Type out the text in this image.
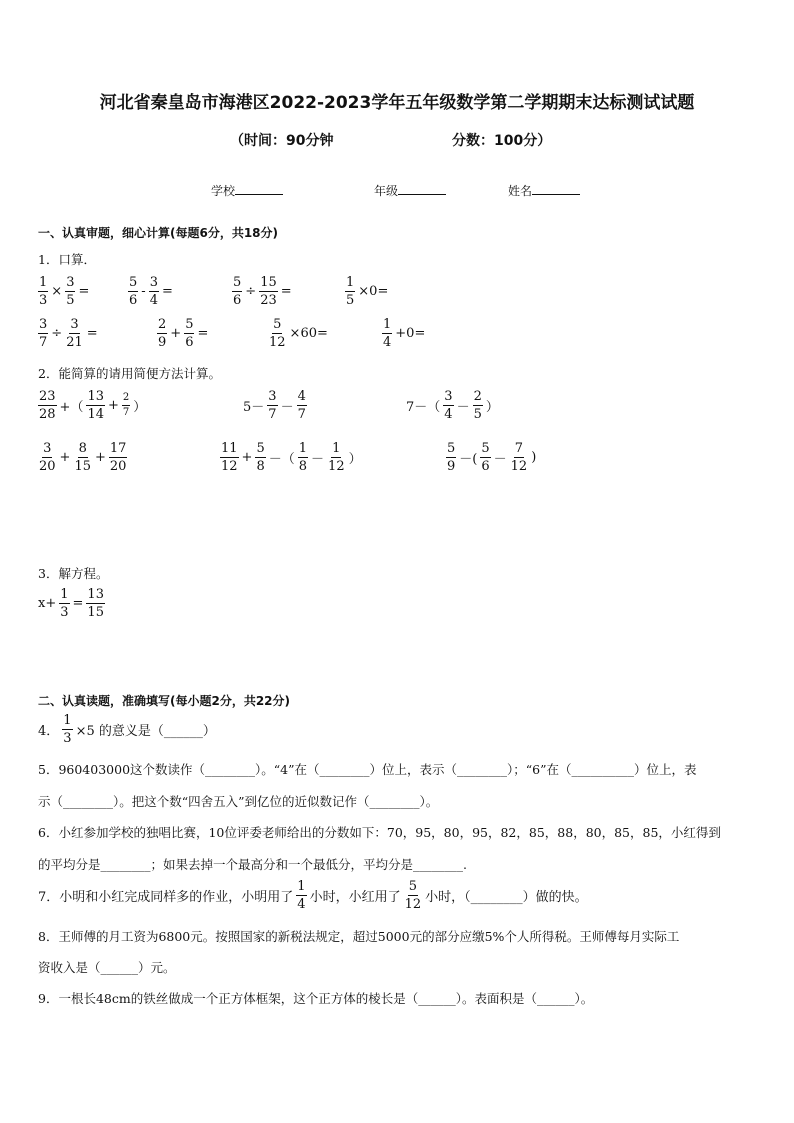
河北省秦皇岛市海港区2022-2023学年五年级数学第二学期期末达标测试试题
（时间：90分钟	分数：100分）
学校	年级	姓名
一、认真审题，细心计算(每题6分，共18分)
1．口算．
$\frac{1}{3} \times \frac{3}{5}$ =	$\frac{5}{6} - \frac{3}{4}$ =	$\frac{5}{6} \div \frac{15}{23}$ =	$\frac{1}{5} \times 0=$
$\frac{3}{7} \div \frac{3}{21}$ =	$\frac{2}{9} + \frac{5}{6}$ =	$\frac{5}{12} \times 60=$	$\frac{1}{4} +0=$
2．能简算的请用简便方法计算。
$\frac{23}{28}$ +（ $\frac{13}{14} + \frac{2}{7}$ ）	$5- \frac{3}{7} - \frac{4}{7}$	$7-( \frac{3}{4} - \frac{2}{5}$ ）
$\frac{3}{20} + \frac{8}{15} + \frac{17}{20}$	$\frac{11}{12} + \frac{5}{8}$ －（ $\frac{1}{8} - \frac{1}{12}$ ）	$\frac{5}{9}$ －( $\frac{5}{6} - \frac{7}{12}$ )
3．解方程。
$x+ \frac{1}{3} = \frac{13}{15}$
二、认真读题，准确填写(每小题2分，共22分)
4． $\frac{1}{3} \times 5$ 的意义是（______）
5．960403000这个数读作（________）。“4”在（________）位上，表示（________）；“6”在（__________）位上，表
示（________）。把这个数“四舍五入”到亿位的近似数记作（________）。
6．小红参加学校的独唱比赛，10位评委老师给出的分数如下：70，95，80，95，82，85，88，80，85，85，小红得到
的平均分是________；如果去掉一个最高分和一个最低分，平均分是________.
7．小明和小红完成同样多的作业，小明用了 $\frac{1}{4}$ 小时，小红用了 $\frac{5}{12}$ 小时，（________）做的快。
8．王师傅的月工资为6800元。按照国家的新税法规定，超过5000元的部分应缴5%个人所得税。王师傅每月实际工
资收入是（______）元。
9．一根长48cm的铁丝做成一个正方体框架，这个正方体的棱长是（______）。表面积是（______）。
